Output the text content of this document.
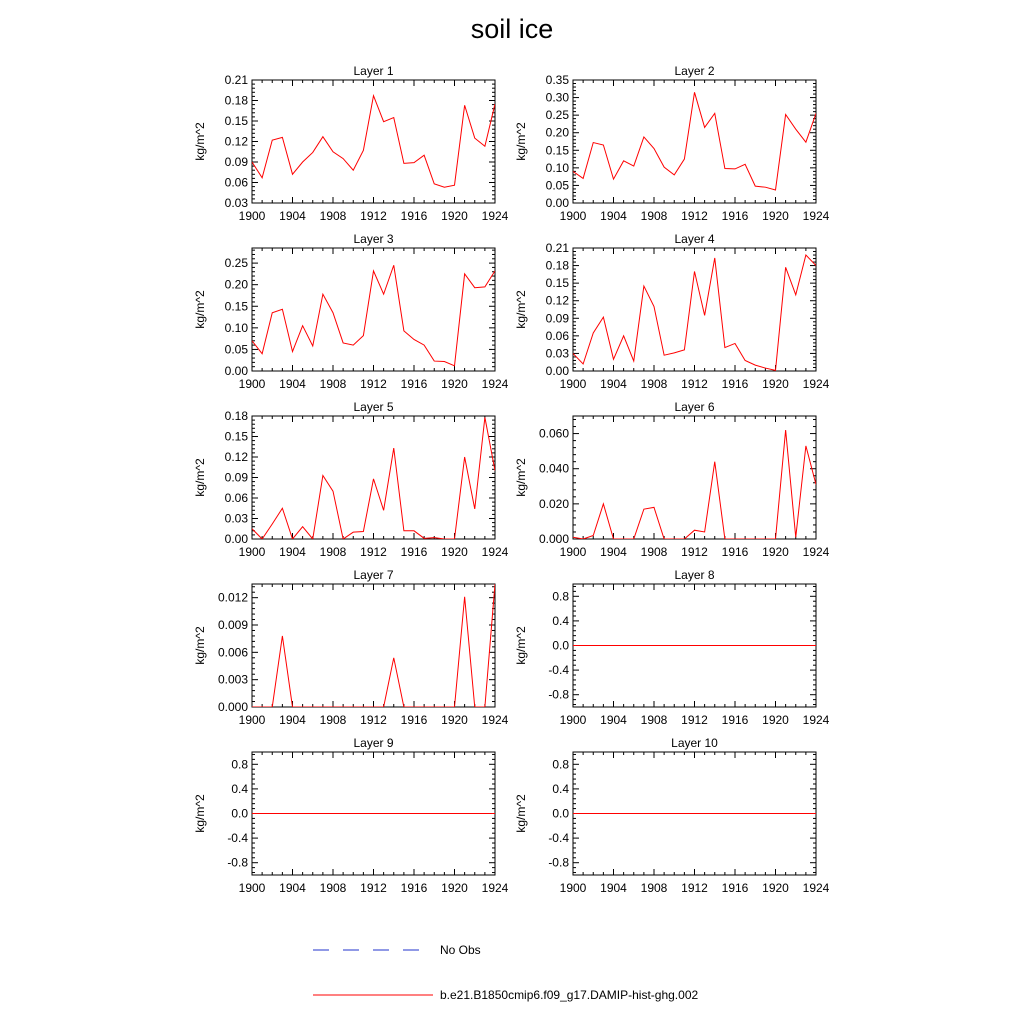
soil ice
Layer 1
1900 1904 1908 1912 1916 1920 1924
0.03
0.06
0.09
0.12
0.15
0.18
0.21
kg/m^2
Layer 2
1900 1904 1908 1912 1916 1920 1924
0.00
0.05
0.10
0.15
0.20
0.25
0.30
0.35
kg/m^2
Layer 3
1900 1904 1908 1912 1916 1920 1924
0.00
0.05
0.10
0.15
0.20
0.25
kg/m^2
Layer 4
1900 1904 1908 1912 1916 1920 1924
0.00
0.03
0.06
0.09
0.12
0.15
0.18
0.21
kg/m^2
Layer 5
1900 1904 1908 1912 1916 1920 1924
0.00
0.03
0.06
0.09
0.12
0.15
0.18
kg/m^2
Layer 6
1900 1904 1908 1912 1916 1920 1924
0.000
0.020
0.040
0.060
kg/m^2
Layer 7
1900 1904 1908 1912 1916 1920 1924
0.000
0.003
0.006
0.009
0.012
kg/m^2
Layer 8
1900 1904 1908 1912 1916 1920 1924
-0.8
-0.4
0.0
0.4
0.8
kg/m^2
Layer 9
1900 1904 1908 1912 1916 1920 1924
-0.8
-0.4
0.0
0.4
0.8
kg/m^2
Layer 10
1900 1904 1908 1912 1916 1920 1924
-0.8
-0.4
0.0
0.4
0.8
kg/m^2
No Obs
b.e21.B1850cmip6.f09_g17.DAMIP-hist-ghg.002
